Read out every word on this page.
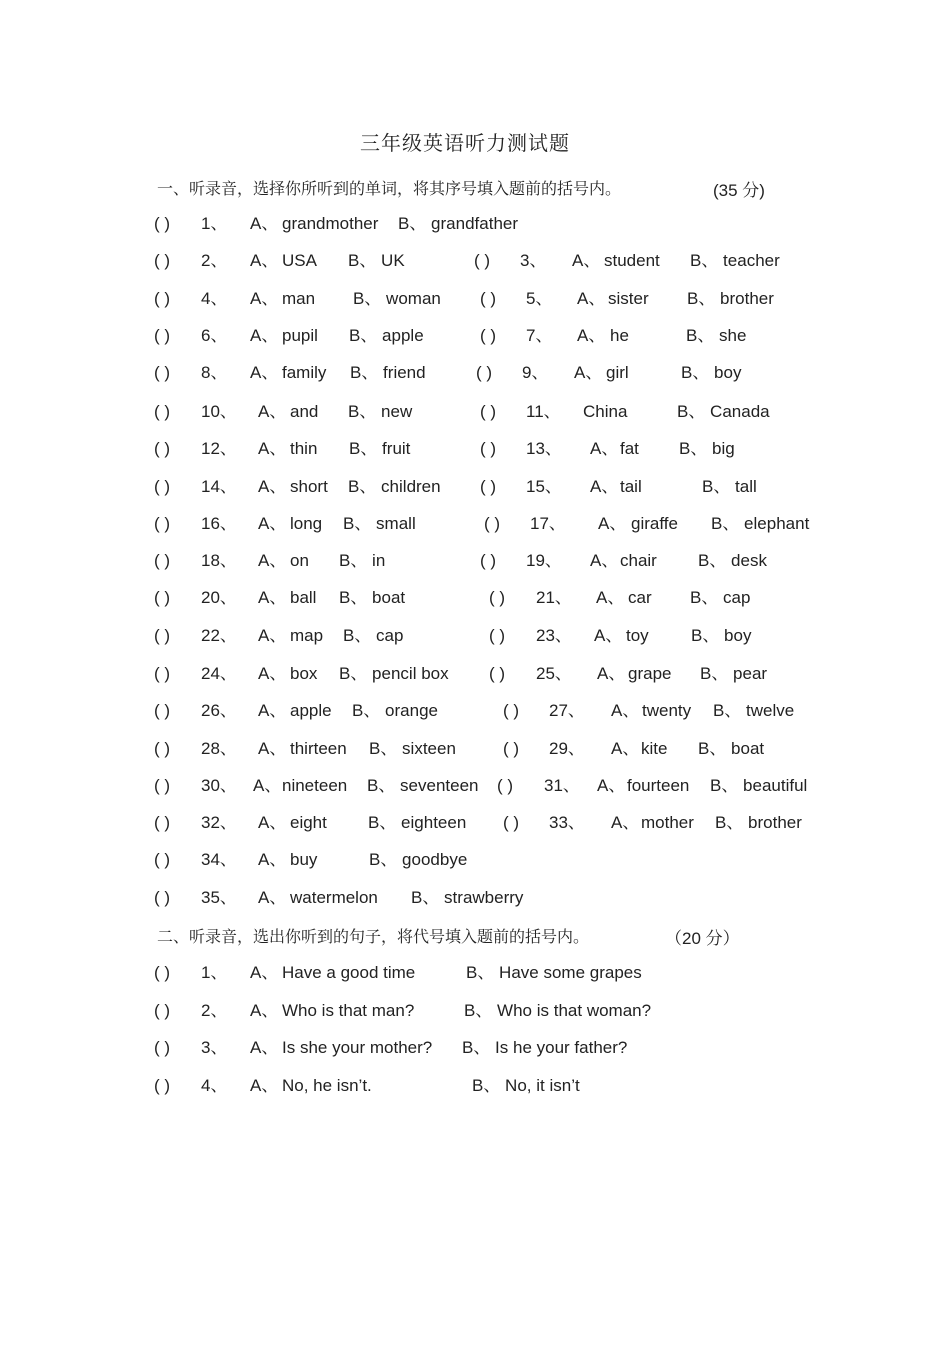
三年级英语听力测试题
一、听录音，选择你所听到的单词，将其序号填入题前的括号内。	(35 分)
( ) 1、 A、 grandmother B、 grandfather
( ) 2、 A、 USA B、 UK	( ) 3、 A、 student B、 teacher
( ) 4、 A、 man B、 woman ( ) 5、 A、 sister B、 brother
( ) 6、 A、 pupil B、 apple	( ) 7、 A、 he	B、 she
( ) 8、 A、 family B、 friend	( ) 9、 A、 girl	B、 boy
( ) 10、 A、 and B、 new	( ) 11、 China	B、 Canada
( ) 12、 A、 thin B、 fruit	( ) 13、 A、 fat B、 big
( ) 14、 A、 short B、 children ( ) 15、 A、 tail	B、 tall
( ) 16、 A、 long B、 small	( ) 17、 A、 giraffe B、 elephant
( ) 18、 A、 on B、 in	( ) 19、 A、 chair B、 desk
( ) 20、 A、 ball B、 boat	( ) 21、 A、 car B、 cap
( ) 22、 A、 map B、 cap	( ) 23、 A、 toy B、 boy
( ) 24、 A、 box B、 pencil box ( ) 25、 A、 grape B、 pear
( ) 26、 A、 apple B、 orange	( ) 27、 A、 twenty B、 twelve
( ) 28、 A、 thirteen B、 sixteen	( ) 29、 A、 kite B、 boat
( ) 30、 A、 nineteen B、 seventeen ( ) 31、 A、 fourteen B、 beautiful
( ) 32、 A、 eight B、 eighteen ( ) 33、 A、 mother B、 brother
( ) 34、 A、 buy	B、 goodbye
( ) 35、 A、 watermelon B、 strawberry
二、听录音，选出你听到的句子，将代号填入题前的括号内。	（20 分）
( ) 1、 A、 Have a good time	B、 Have some grapes
( ) 2、 A、 Who is that man?	B、 Who is that woman?
( ) 3、 A、 Is she your mother? B、 Is he your father?
( ) 4、 A、 No, he isn’t.	B、 No, it isn’t
